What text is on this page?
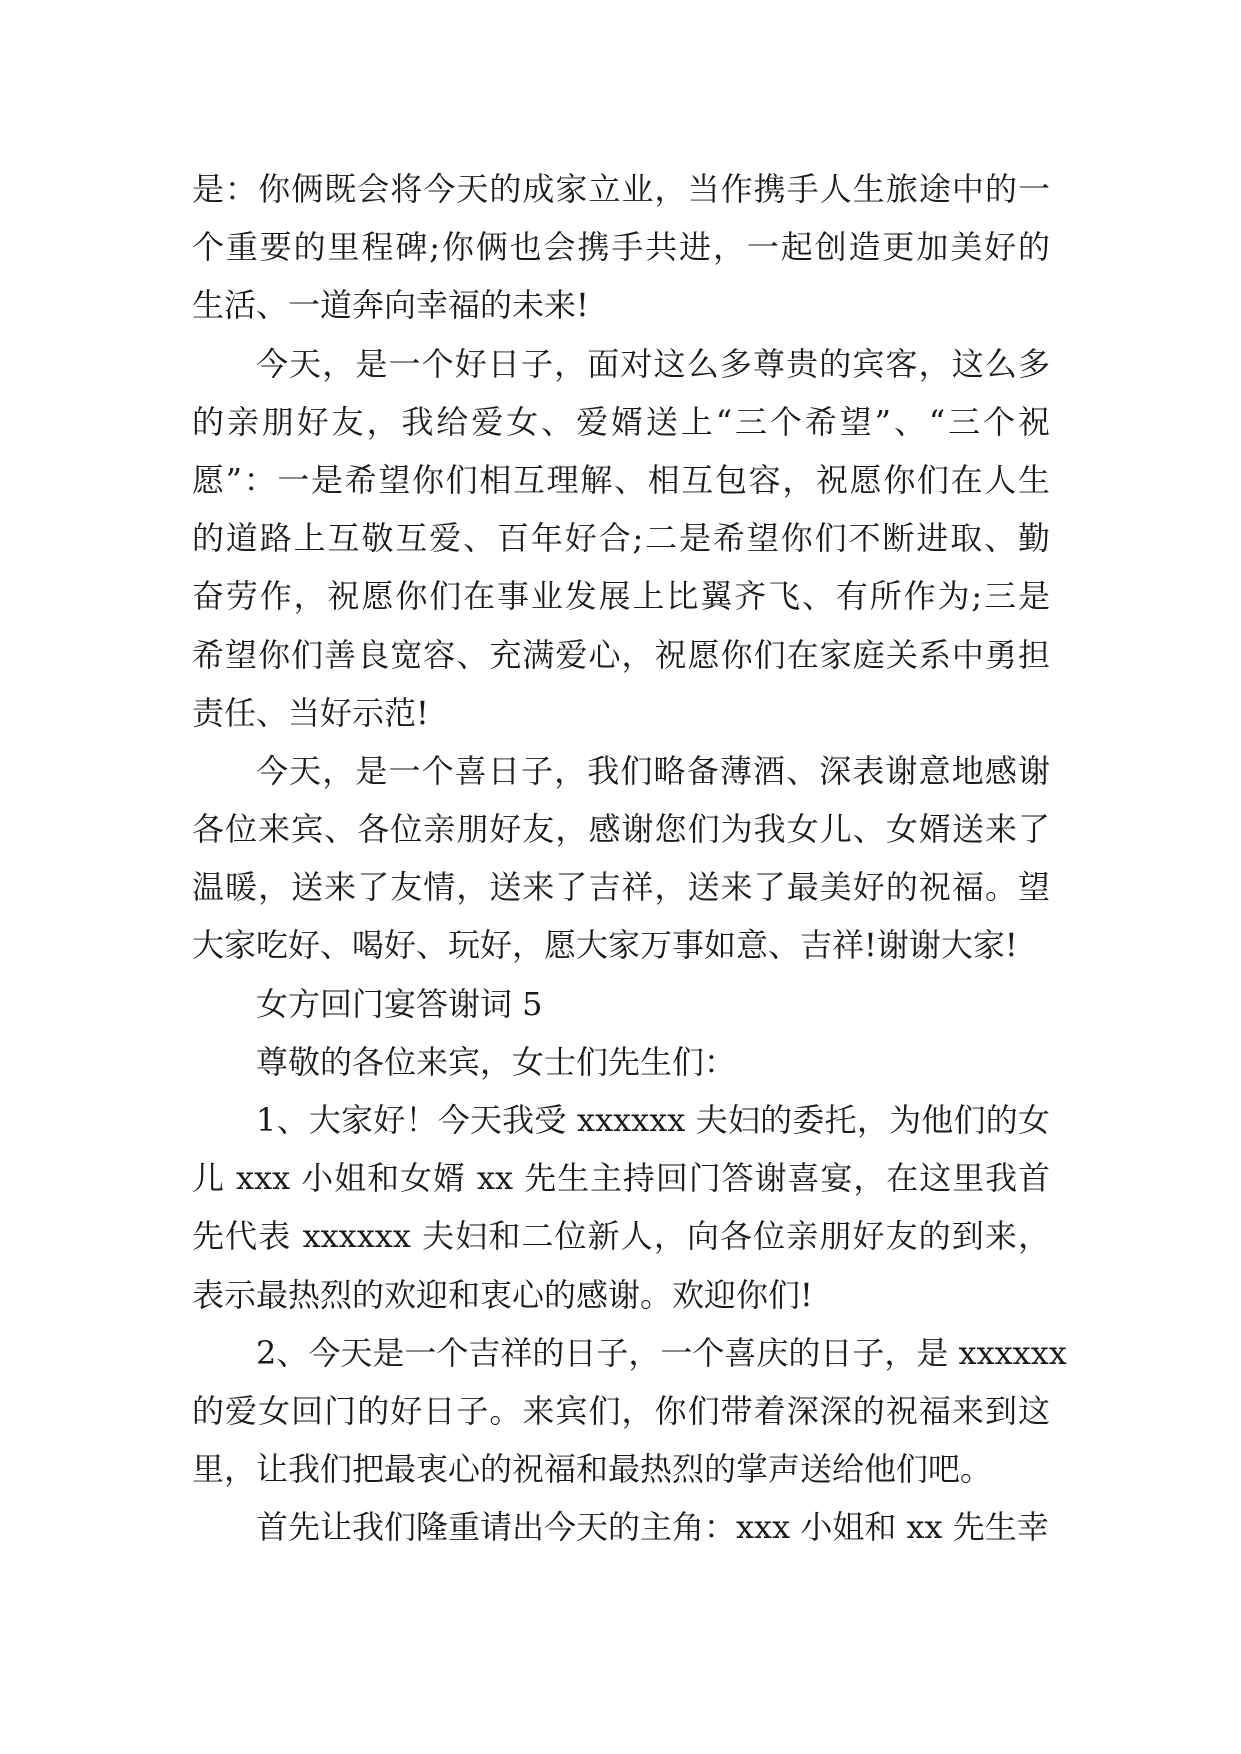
是：你俩既会将今天的成家立业，当作携手人生旅途中的一
个重要的里程碑;你俩也会携手共进，一起创造更加美好的
生活、一道奔向幸福的未来!
今天，是一个好日子，面对这么多尊贵的宾客，这么多
的亲朋好友，我给爱女、爱婿送上“三个希望”、“三个祝
愿”：一是希望你们相互理解、相互包容，祝愿你们在人生
的道路上互敬互爱、百年好合;二是希望你们不断进取、勤
奋劳作，祝愿你们在事业发展上比翼齐飞、有所作为;三是
希望你们善良宽容、充满爱心，祝愿你们在家庭关系中勇担
责任、当好示范!
今天，是一个喜日子，我们略备薄酒、深表谢意地感谢
各位来宾、各位亲朋好友，感谢您们为我女儿、女婿送来了
温暖，送来了友情，送来了吉祥，送来了最美好的祝福。望
大家吃好、喝好、玩好，愿大家万事如意、吉祥!谢谢大家!
女方回门宴答谢词 5
尊敬的各位来宾，女士们先生们：
1、大家好！今天我受 xxxxxx 夫妇的委托，为他们的女
儿 xxx 小姐和女婿 xx 先生主持回门答谢喜宴，在这里我首
先代表 xxxxxx 夫妇和二位新人，向各位亲朋好友的到来，
表示最热烈的欢迎和衷心的感谢。欢迎你们!
2、今天是一个吉祥的日子，一个喜庆的日子，是 xxxxxx
的爱女回门的好日子。来宾们，你们带着深深的祝福来到这
里，让我们把最衷心的祝福和最热烈的掌声送给他们吧。
首先让我们隆重请出今天的主角：xxx 小姐和 xx 先生幸
